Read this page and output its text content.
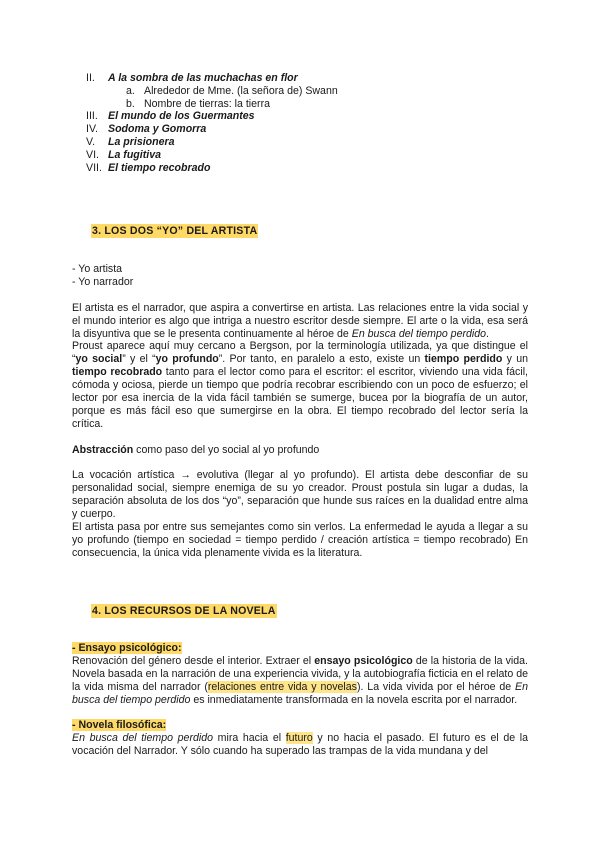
II. A la sombra de las muchachas en flor
a. Alrededor de Mme. (la señora de) Swann
b. Nombre de tierras: la tierra
III. El mundo de los Guermantes
IV. Sodoma y Gomorra
V. La prisionera
VI. La fugitiva
VII. El tiempo recobrado
3. LOS DOS “YO” DEL ARTISTA

- Yo artista

- Yo narrador

El artista es el narrador, que aspira a convertirse en artista. Las relaciones entre la vida social y el mundo interior es algo que intriga a nuestro escritor desde siempre. El arte o la vida, esa será la disyuntiva que se le presenta continuamente al héroe de En busca del tiempo perdido.

Proust aparece aquí muy cercano a Bergson, por la terminología utilizada, ya que distingue el “yo social” y el “yo profundo”. Por tanto, en paralelo a esto, existe un tiempo perdido y un tiempo recobrado tanto para el lector como para el escritor: el escritor, viviendo una vida fácil, cómoda y ociosa, pierde un tiempo que podría recobrar escribiendo con un poco de esfuerzo; el lector por esa inercia de la vida fácil también se sumerge, bucea por la biografía de un autor, porque es más fácil eso que sumergirse en la obra. El tiempo recobrado del lector sería la crítica.

Abstracción como paso del yo social al yo profundo

La vocación artística → evolutiva (llegar al yo profundo). El artista debe desconfiar de su personalidad social, siempre enemiga de su yo creador. Proust postula sin lugar a dudas, la separación absoluta de los dos “yo”, separación que hunde sus raíces en la dualidad entre alma y cuerpo.

El artista pasa por entre sus semejantes como sin verlos. La enfermedad le ayuda a llegar a su yo profundo (tiempo en sociedad = tiempo perdido / creación artística = tiempo recobrado) En consecuencia, la única vida plenamente vivida es la literatura.

4. LOS RECURSOS DE LA NOVELA

- Ensayo psicológico:

Renovación del género desde el interior. Extraer el ensayo psicológico de la historia de la vida. Novela basada en la narración de una experiencia vivida, y la autobiografía ficticia en el relato de la vida misma del narrador (relaciones entre vida y novelas). La vida vivida por el héroe de En busca del tiempo perdido es inmediatamente transformada en la novela escrita por el narrador.

- Novela filosófica:

En busca del tiempo perdido mira hacia el futuro y no hacia el pasado. El futuro es el de la vocación del Narrador. Y sólo cuando ha superado las trampas de la vida mundana y del
